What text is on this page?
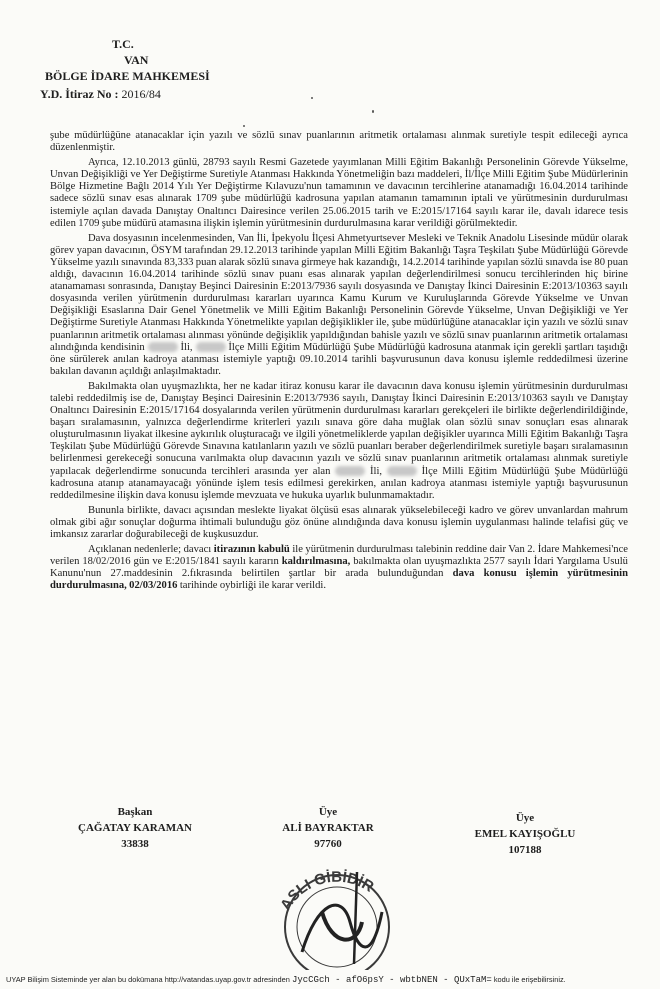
T.C.
VAN
BÖLGE İDARE MAHKEMESİ
Y.D. İtiraz No : 2016/84

şube müdürlüğüne atanacaklar için yazılı ve sözlü sınav puanlarının aritmetik ortalaması alınmak suretiyle tespit edileceği ayrıca düzenlenmiştir.

Ayrıca, 12.10.2013 günlü, 28793 sayılı Resmi Gazetede yayımlanan Milli Eğitim Bakanlığı Personelinin Görevde Yükselme, Unvan Değişikliği ve Yer Değiştirme Suretiyle Atanması Hakkında Yönetmeliğin bazı maddeleri, İl/İlçe Milli Eğitim Şube Müdürlerinin Bölge Hizmetine Bağlı 2014 Yılı Yer Değiştirme Kılavuzu'nun tamamının ve davacının tercihlerine atanamadığı 16.04.2014 tarihinde sadece sözlü sınav esas alınarak 1709 şube müdürlüğü kadrosuna yapılan atamanın tamamının iptali ve yürütmesinin durdurulması istemiyle açılan davada Danıştay Onaltıncı Dairesince verilen 25.06.2015 tarih ve E:2015/17164 sayılı karar ile, davalı idarece tesis edilen 1709 şube müdürü atamasına ilişkin işlemin yürütmesinin durdurulmasına karar verildiği görülmektedir.

Dava dosyasının incelenmesinden, Van İli, İpekyolu İlçesi Ahmetyurtsever Mesleki ve Teknik Anadolu Lisesinde müdür olarak görev yapan davacının, ÖSYM tarafından 29.12.2013 tarihinde yapılan Milli Eğitim Bakanlığı Taşra Teşkilatı Şube Müdürlüğü Görevde Yükselme yazılı sınavında 83,333 puan alarak sözlü sınava girmeye hak kazandığı, 14.2.2014 tarihinde yapılan sözlü sınavda ise 80 puan aldığı, davacının 16.04.2014 tarihinde sözlü sınav puanı esas alınarak yapılan değerlendirilmesi sonucu tercihlerinden hiç birine atanamaması sonrasında, Danıştay Beşinci Dairesinin E:2013/7936 sayılı dosyasında ve Danıştay İkinci Dairesinin E:2013/10363 sayılı dosyasında verilen yürütmenin durdurulması kararları uyarınca Kamu Kurum ve Kuruluşlarında Görevde Yükselme ve Unvan Değişikliği Esaslarına Dair Genel Yönetmelik ve Milli Eğitim Bakanlığı Personelinin Görevde Yükselme, Unvan Değişikliği ve Yer Değiştirme Suretiyle Atanması Hakkında Yönetmelikte yapılan değişiklikler ile, şube müdürlüğüne atanacaklar için yazılı ve sözlü sınav puanlarının aritmetik ortalaması alınması yönünde değişiklik yapıldığından bahisle yazılı ve sözlü sınav puanlarının aritmetik ortalaması alındığında kendisinin	İli,	İlçe Milli Eğitim Müdürlüğü Şube Müdürlüğü kadrosuna atanmak için gerekli şartları taşıdığı öne sürülerek anılan kadroya atanması istemiyle yaptığı 09.10.2014 tarihli başvurusunun dava konusu işlemle reddedilmesi üzerine bakılan davanın açıldığı anlaşılmaktadır.

Bakılmakta olan uyuşmazlıkta, her ne kadar itiraz konusu karar ile davacının dava konusu işlemin yürütmesinin durdurulması talebi reddedilmiş ise de, Danıştay Beşinci Dairesinin E:2013/7936 sayılı, Danıştay İkinci Dairesinin E:2013/10363 sayılı ve Danıştay Onaltıncı Dairesinin E:2015/17164 dosyalarında verilen yürütmenin durdurulması kararları gerekçeleri ile birlikte değerlendirildiğinde, başarı sıralamasının, yalnızca değerlendirme kriterleri yazılı sınava göre daha muğlak olan sözlü sınav sonuçları esas alınarak oluşturulmasının liyakat ilkesine aykırılık oluşturacağı ve ilgili yönetmeliklerde yapılan değişikler uyarınca Milli Eğitim Bakanlığı Taşra Teşkilatı Şube Müdürlüğü Görevde Sınavına katılanların yazılı ve sözlü puanları beraber değerlendirilmek suretiyle başarı sıralamasının belirlenmesi gerekeceği sonucuna varılmakta olup davacının yazılı ve sözlü sınav puanlarının aritmetik ortalaması alınmak suretiyle yapılacak değerlendirme sonucunda tercihleri arasında yer alan	İli,	İlçe Milli Eğitim Müdürlüğü Şube Müdürlüğü kadrosuna atanıp atanamayacağı yönünde işlem tesis edilmesi gerekirken, anılan kadroya atanması istemiyle yaptığı başvurusunun reddedilmesine ilişkin dava konusu işlemde mevzuata ve hukuka uyarlık bulunmamaktadır.

Bununla birlikte, davacı açısından meslekte liyakat ölçüsü esas alınarak yükselebileceği kadro ve görev unvanlardan mahrum olmak gibi ağır sonuçlar doğurma ihtimali bulunduğu göz önüne alındığında dava konusu işlemin uygulanması halinde telafisi güç ve imkansız zararlar doğurabileceği de kuşkusuzdur.

Açıklanan nedenlerle; davacı itirazının kabulü ile yürütmenin durdurulması talebinin reddine dair Van 2. İdare Mahkemesi'nce verilen 18/02/2016 gün ve E:2015/1841 sayılı kararın kaldırılmasına, bakılmakta olan uyuşmazlıkta 2577 sayılı İdari Yargılama Usulü Kanunu'nun 27.maddesinin 2.fıkrasında belirtilen şartlar bir arada bulunduğundan dava konusu işlemin yürütmesinin durdurulmasına, 02/03/2016 tarihinde oybirliği ile karar verildi.

Başkan
ÇAĞATAY KARAMAN
33838
Üye
ALİ BAYRAKTAR
97760
Üye
EMEL KAYIŞOĞLU
107188
ASLI GİBİDİR
UYAP Bilişim Sisteminde yer alan bu dokümana http://vatandas.uyap.gov.tr adresinden JycCGch - afO6psY - wbtbNEN - QUxTaM= kodu ile erişebilirsiniz.
